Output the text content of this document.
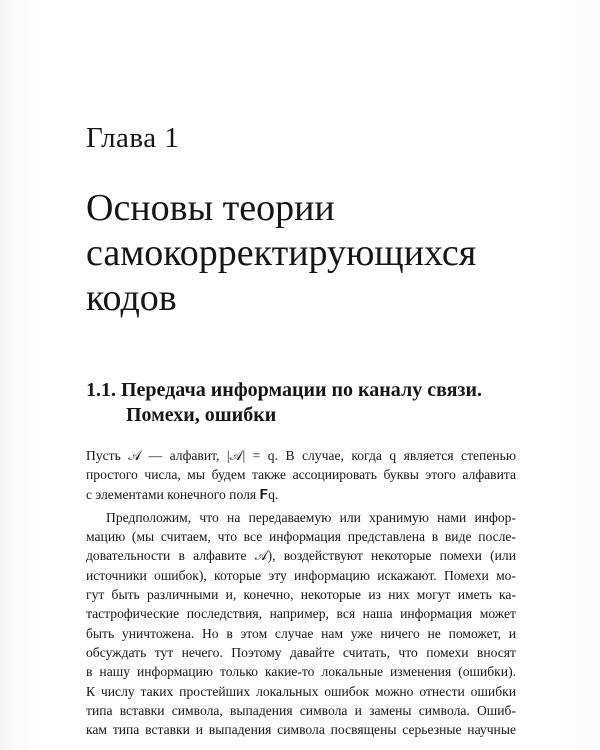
Глава 1
Основы теории
самокорректирующихся
кодов
1.1. Передача информации по каналу связи.
Помехи, ошибки

Пусть 𝒜 — алфавит, |𝒜| = q. В случае, когда q является степенью
простого числа, мы будем также ассоциировать буквы этого алфавита
с элементами конечного поля 𝐅q.

Предположим, что на передаваемую или хранимую нами инфор-
мацию (мы считаем, что все информация представлена в виде после-
довательности в алфавите 𝒜), воздействуют некоторые помехи (или
источники ошибок), которые эту информацию искажают. Помехи мо-
гут быть различными и, конечно, некоторые из них могут иметь ка-
тастрофические последствия, например, вся наша информация может
быть уничтожена. Но в этом случае нам уже ничего не поможет, и
обсуждать тут нечего. Поэтому давайте считать, что помехи вносят
в нашу информацию только какие-то локальные изменения (ошибки).
К числу таких простейших локальных ошибок можно отнести ошибки
типа вставки символа, выпадения символа и замены символа. Ошиб-
кам типа вставки и выпадения символа посвящены серьезные научные
